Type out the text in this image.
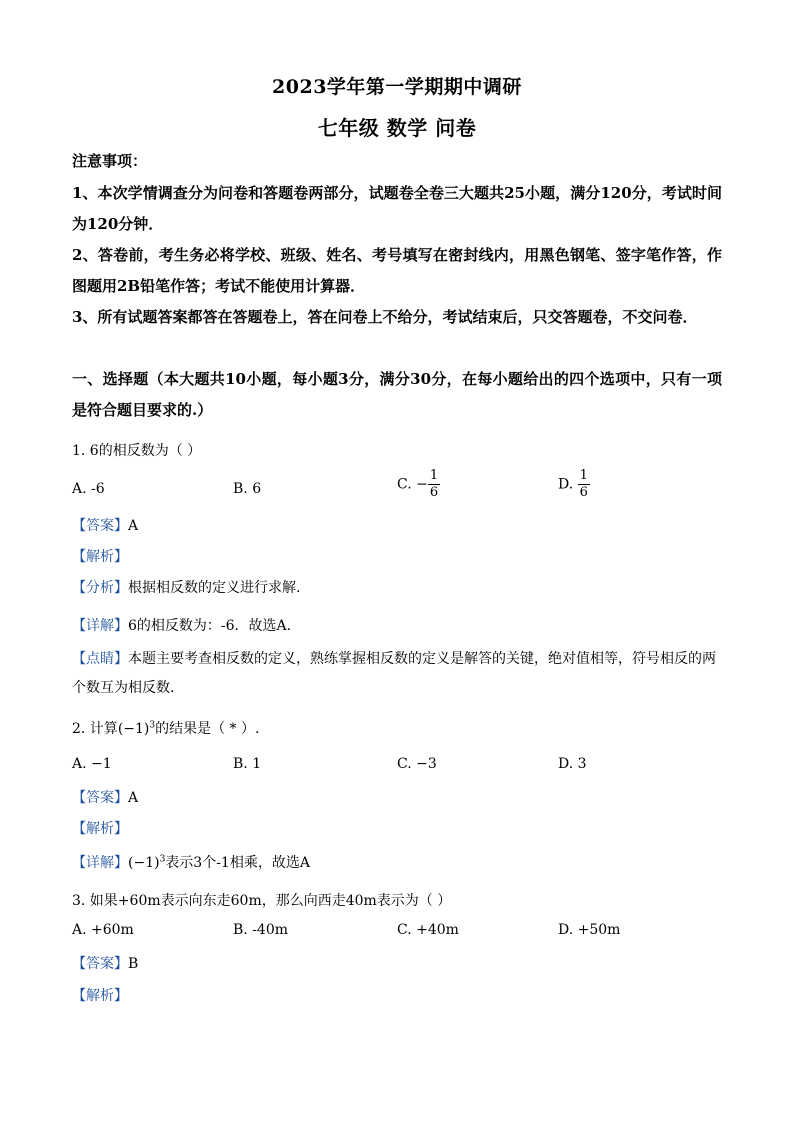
2023学年第一学期期中调研
七年级 数学 问卷
注意事项：
1、本次学情调查分为问卷和答题卷两部分，试题卷全卷三大题共25小题，满分120分，考试时间为120分钟．
2、答卷前，考生务必将学校、班级、姓名、考号填写在密封线内，用黑色钢笔、签字笔作答，作图题用2B铅笔作答；考试不能使用计算器．
3、所有试题答案都答在答题卷上，答在问卷上不给分，考试结束后，只交答题卷，不交问卷．
一、选择题（本大题共10小题，每小题3分，满分30分，在每小题给出的四个选项中，只有一项是符合题目要求的.）
1. 6的相反数为（ ）
A. -6	B. 6	C. − $\frac{1}{6}$	D. $\frac{1}{6}$
【答案】A
【解析】
【分析】根据相反数的定义进行求解.
【详解】6的相反数为：-6．故选A.
【点睛】本题主要考查相反数的定义，熟练掌握相反数的定义是解答的关键，绝对值相等，符号相反的两个数互为相反数.
2. 计算$(-1)^3$的结果是（ * ）.
A. −1	B. 1	C. −3	D. 3
【答案】A
【解析】
【详解】$(-1)^3$表示3个-1相乘，故选A
3. 如果+60m表示向东走60m，那么向西走40m表示为（ ）
A. +60m	B. -40m	C. +40m	D. +50m
【答案】B
【解析】
